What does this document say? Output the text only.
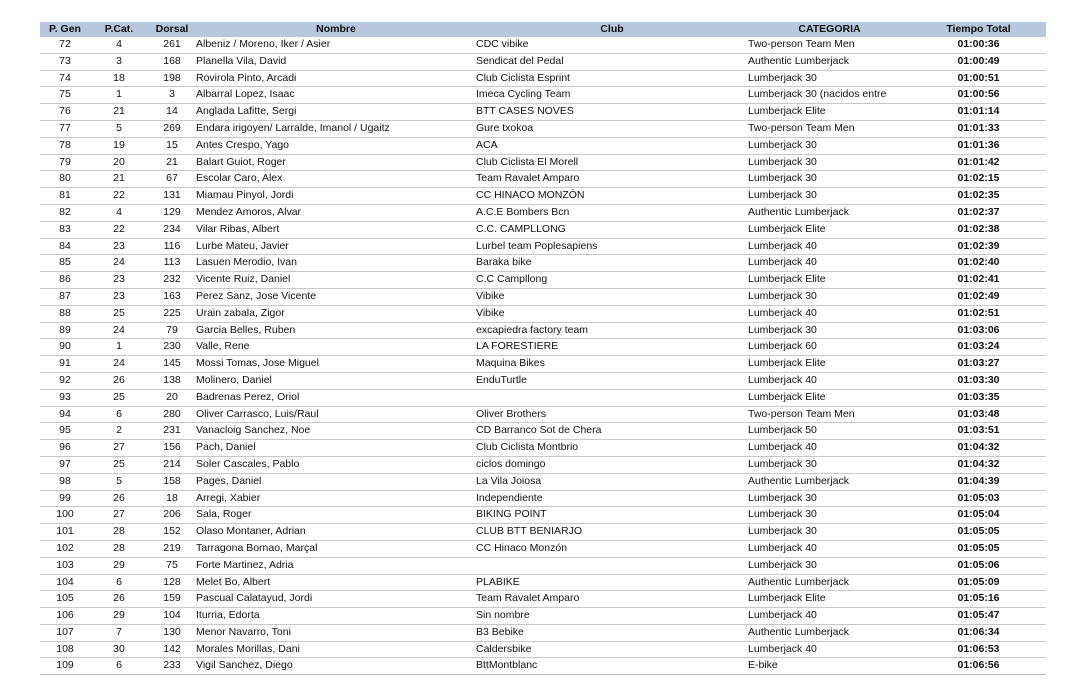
P. Gen	P.Cat.	Dorsal	Nombre	Club	CATEGORIA	Tiempo Total
72	4	261	Albeniz / Moreno, Iker / Asier	CDC vibike	Two-person Team Men	01:00:36
73	3	168	Planella Vila, David	Sendicat del Pedal	Authentic Lumberjack	01:00:49
74	18	198	Rovirola Pinto, Arcadi	Club Ciclista Esprint	Lumberjack 30	01:00:51
75	1	3	Albarral Lopez, Isaac	Imeca Cycling Team	Lumberjack 30 (nacidos entre	01:00:56
76	21	14	Anglada Lafitte, Sergi	BTT CASES NOVES	Lumberjack Elite	01:01:14
77	5	269	Endara irigoyen/ Larralde, Imanol / Ugaitz	Gure txokoa	Two-person Team Men	01:01:33
78	19	15	Antes Crespo, Yago	ACA	Lumberjack 30	01:01:36
79	20	21	Balart Guiot, Roger	Club Ciclista El Morell	Lumberjack 30	01:01:42
80	21	67	Escolar Caro, Alex	Team Ravalet Amparo	Lumberjack 30	01:02:15
81	22	131	Miamau Pinyol, Jordi	CC HINACO MONZÓN	Lumberjack 30	01:02:35
82	4	129	Mendez Amoros, Alvar	A.C.E Bombers Bcn	Authentic Lumberjack	01:02:37
83	22	234	Vilar Ribas, Albert	C.C. CAMPLLONG	Lumberjack Elite	01:02:38
84	23	116	Lurbe Mateu, Javier	Lurbel team Poplesapiens	Lumberjack 40	01:02:39
85	24	113	Lasuen Merodio, Ivan	Baraka bike	Lumberjack 40	01:02:40
86	23	232	Vicente Ruiz, Daniel	C.C Campllong	Lumberjack Elite	01:02:41
87	23	163	Perez Sanz, Jose Vicente	Vibike	Lumberjack 30	01:02:49
88	25	225	Urain zabala, Zigor	Vibike	Lumberjack 40	01:02:51
89	24	79	Garcia Belles, Ruben	excapiedra factory team	Lumberjack 30	01:03:06
90	1	230	Valle, Rene	LA FORESTIERE	Lumberjack 60	01:03:24
91	24	145	Mossi Tomas, Jose Miguel	Maquina Bikes	Lumberjack Elite	01:03:27
92	26	138	Molinero, Daniel	EnduTurtle	Lumberjack 40	01:03:30
93	25	20	Badrenas Perez, Oriol		Lumberjack Elite	01:03:35
94	6	280	Oliver Carrasco, Luis/Raul	Oliver Brothers	Two-person Team Men	01:03:48
95	2	231	Vanacloig Sanchez, Noe	CD Barranco Sot de Chera	Lumberjack 50	01:03:51
96	27	156	Pach, Daniel	Club Ciclista Montbrio	Lumberjack 40	01:04:32
97	25	214	Soler Cascales, Pablo	ciclos domingo	Lumberjack 30	01:04:32
98	5	158	Pages, Daniel	La Vila Joiosa	Authentic Lumberjack	01:04:39
99	26	18	Arregi, Xabier	Independiente	Lumberjack 30	01:05:03
100	27	206	Sala, Roger	BIKING POINT	Lumberjack 30	01:05:04
101	28	152	Olaso Montaner, Adrian	CLUB BTT BENIARJO	Lumberjack 30	01:05:05
102	28	219	Tarragona Bornao, Marçal	CC Hinaco Monzón	Lumberjack 40	01:05:05
103	29	75	Forte Martinez, Adria		Lumberjack 30	01:05:06
104	6	128	Melet Bo, Albert	PLABIKE	Authentic Lumberjack	01:05:09
105	26	159	Pascual Calatayud, Jordi	Team Ravalet Amparo	Lumberjack Elite	01:05:16
106	29	104	Iturria, Edorta	Sin nombre	Lumberjack 40	01:05:47
107	7	130	Menor Navarro, Toni	B3 Bebike	Authentic Lumberjack	01:06:34
108	30	142	Morales Morillas, Dani	Caldersbike	Lumberjack 40	01:06:53
109	6	233	Vigil Sanchez, Diego	BttMontblanc	E-bike	01:06:56
